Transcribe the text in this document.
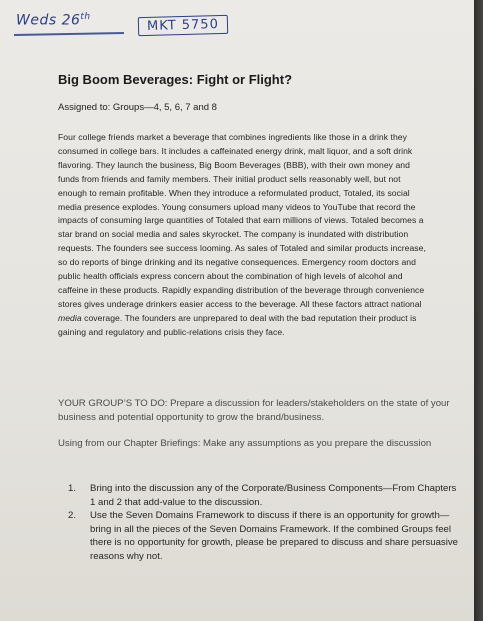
Weds 26th
MKT 5750
Big Boom Beverages: Fight or Flight?
Assigned to: Groups—4, 5, 6, 7 and 8

Four college friends market a beverage that combines ingredients like those in a drink they consumed in college bars. It includes a caffeinated energy drink, malt liquor, and a soft drink flavoring. They launch the business, Big Boom Beverages (BBB), with their own money and funds from friends and family members. Their initial product sells reasonably well, but not enough to remain profitable. When they introduce a reformulated product, Totaled, its social media presence explodes. Young consumers upload many videos to YouTube that record the impacts of consuming large quantities of Totaled that earn millions of views. Totaled becomes a star brand on social media and sales skyrocket. The company is inundated with distribution requests. The founders see success looming. As sales of Totaled and similar products increase, so do reports of binge drinking and its negative consequences. Emergency room doctors and public health officials express concern about the combination of high levels of alcohol and caffeine in these products. Rapidly expanding distribution of the beverage through convenience stores gives underage drinkers easier access to the beverage. All these factors attract national media coverage. The founders are unprepared to deal with the bad reputation their product is gaining and regulatory and public-relations crisis they face.

YOUR GROUP’S TO DO: Prepare a discussion for leaders/stakeholders on the state of your business and potential opportunity to grow the brand/business.

Using from our Chapter Briefings: Make any assumptions as you prepare the discussion

1. Bring into the discussion any of the Corporate/Business Components—From Chapters 1 and 2 that add-value to the discussion.
2. Use the Seven Domains Framework to discuss if there is an opportunity for growth—bring in all the pieces of the Seven Domains Framework. If the combined Groups feel there is no opportunity for growth, please be prepared to discuss and share persuasive reasons why not.
